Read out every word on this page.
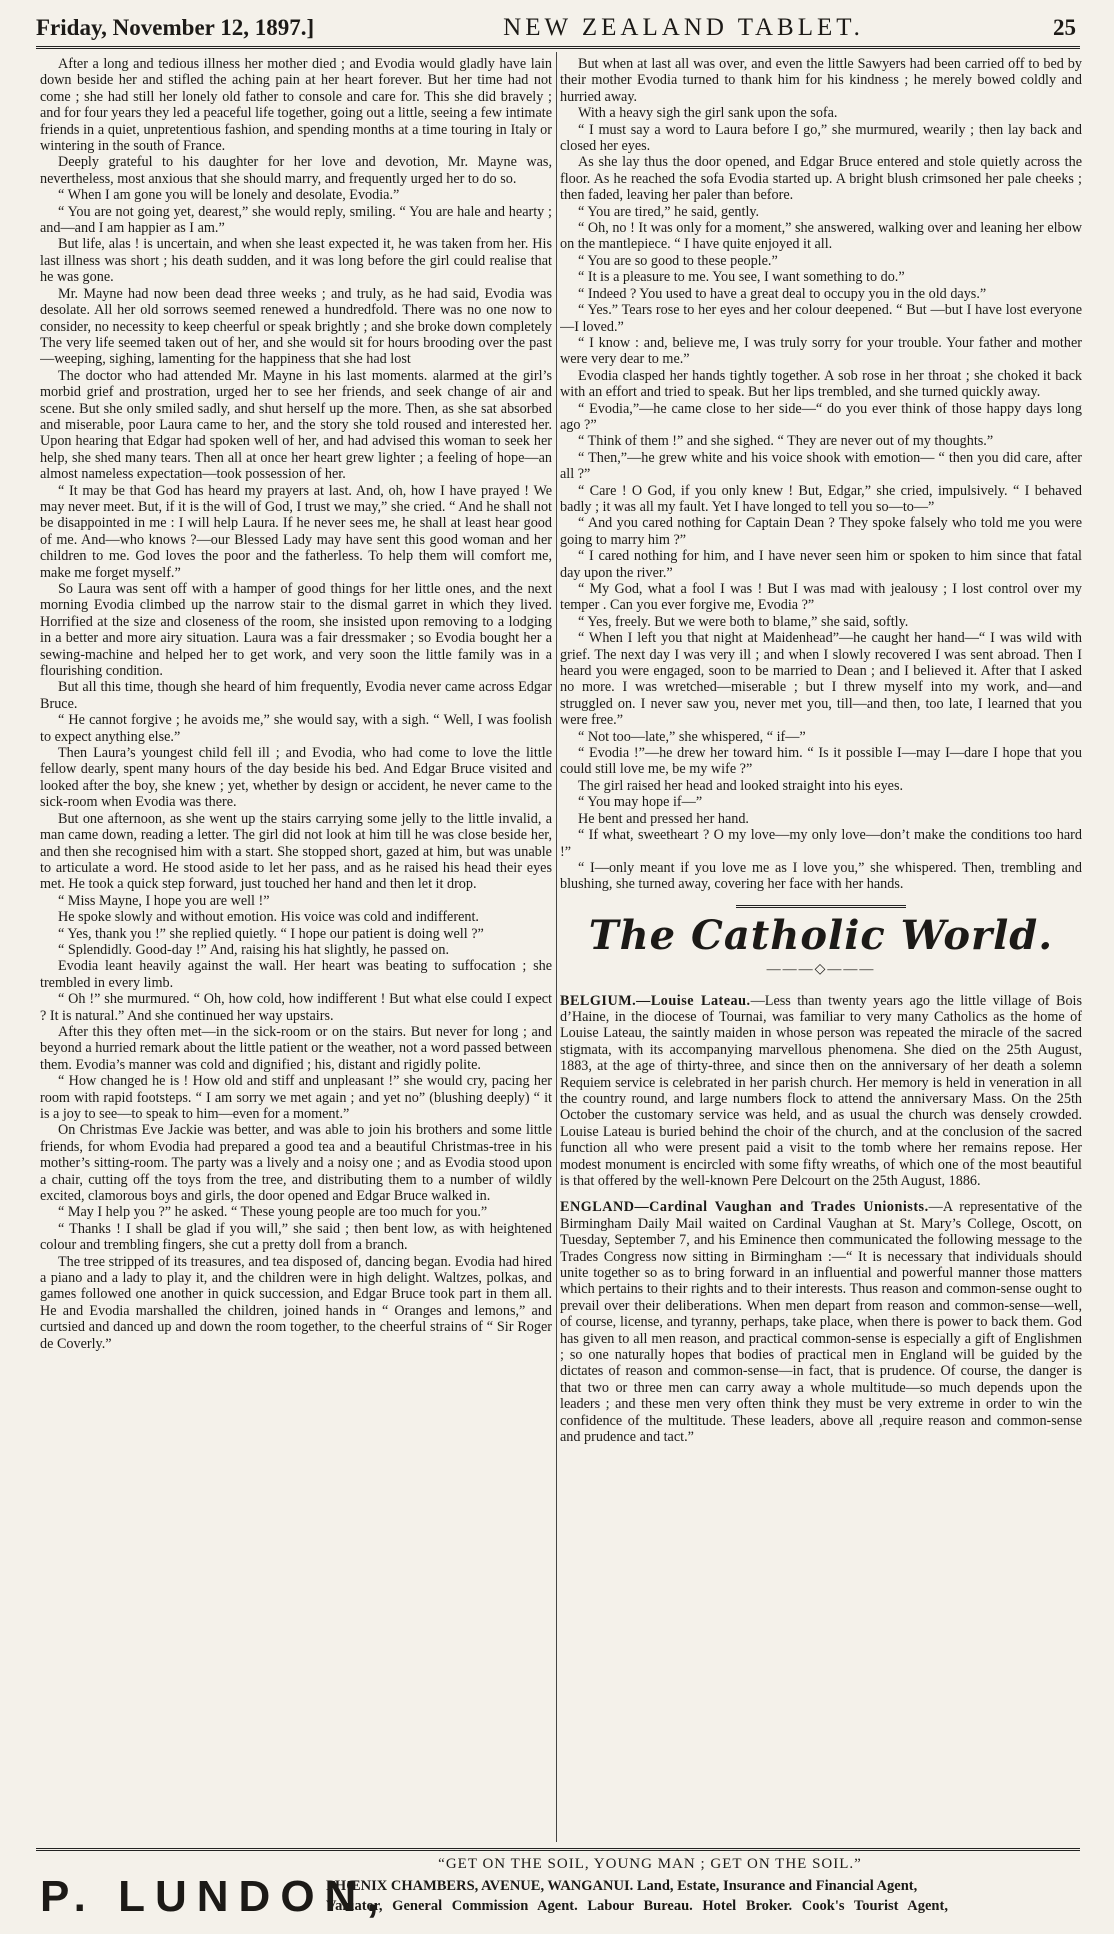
Friday, November 12, 1897.]	NEW ZEALAND TABLET.	25

After a long and tedious illness her mother died ; and Evodia would gladly have lain down beside her and stifled the aching pain at her heart forever. But her time had not come ; she had still her lonely old father to console and care for. This she did bravely ; and for four years they led a peaceful life together, going out a little, seeing a few intimate friends in a quiet, unpretentious fashion, and spending months at a time touring in Italy or wintering in the south of France.

Deeply grateful to his daughter for her love and devotion, Mr. Mayne was, nevertheless, most anxious that she should marry, and frequently urged her to do so.

“ When I am gone you will be lonely and desolate, Evodia.”

“ You are not going yet, dearest,” she would reply, smiling. “ You are hale and hearty ; and—and I am happier as I am.”

But life, alas ! is uncertain, and when she least expected it, he was taken from her. His last illness was short ; his death sudden, and it was long before the girl could realise that he was gone.

Mr. Mayne had now been dead three weeks ; and truly, as he had said, Evodia was desolate. All her old sorrows seemed renewed a hundredfold. There was no one now to consider, no necessity to keep cheerful or speak brightly ; and she broke down completely The very life seemed taken out of her, and she would sit for hours brooding over the past—weeping, sighing, lamenting for the happiness that she had lost

The doctor who had attended Mr. Mayne in his last moments. alarmed at the girl’s morbid grief and prostration, urged her to see her friends, and seek change of air and scene. But she only smiled sadly, and shut herself up the more. Then, as she sat absorbed and miserable, poor Laura came to her, and the story she told roused and interested her. Upon hearing that Edgar had spoken well of her, and had advised this woman to seek her help, she shed many tears. Then all at once her heart grew lighter ; a feeling of hope—an almost nameless expectation—took possession of her.

“ It may be that God has heard my prayers at last. And, oh, how I have prayed ! We may never meet. But, if it is the will of God, I trust we may,” she cried. “ And he shall not be disappointed in me : I will help Laura. If he never sees me, he shall at least hear good of me. And—who knows ?—our Blessed Lady may have sent this good woman and her children to me. God loves the poor and the fatherless. To help them will comfort me, make me forget myself.”

So Laura was sent off with a hamper of good things for her little ones, and the next morning Evodia climbed up the narrow stair to the dismal garret in which they lived. Horrified at the size and closeness of the room, she insisted upon removing to a lodging in a better and more airy situation. Laura was a fair dressmaker ; so Evodia bought her a sewing-machine and helped her to get work, and very soon the little family was in a flourishing condition.

But all this time, though she heard of him frequently, Evodia never came across Edgar Bruce.

“ He cannot forgive ; he avoids me,” she would say, with a sigh. “ Well, I was foolish to expect anything else.”

Then Laura’s youngest child fell ill ; and Evodia, who had come to love the little fellow dearly, spent many hours of the day beside his bed. And Edgar Bruce visited and looked after the boy, she knew ; yet, whether by design or accident, he never came to the sick-room when Evodia was there.

But one afternoon, as she went up the stairs carrying some jelly to the little invalid, a man came down, reading a letter. The girl did not look at him till he was close beside her, and then she recognised him with a start. She stopped short, gazed at him, but was unable to articulate a word. He stood aside to let her pass, and as he raised his head their eyes met. He took a quick step forward, just touched her hand and then let it drop.

“ Miss Mayne, I hope you are well !”

He spoke slowly and without emotion. His voice was cold and indifferent.

“ Yes, thank you !” she replied quietly. “ I hope our patient is doing well ?”

“ Splendidly. Good-day !” And, raising his hat slightly, he passed on.

Evodia leant heavily against the wall. Her heart was beating to suffocation ; she trembled in every limb.

“ Oh !” she murmured. “ Oh, how cold, how indifferent ! But what else could I expect ? It is natural.” And she continued her way upstairs.

After this they often met—in the sick-room or on the stairs. But never for long ; and beyond a hurried remark about the little patient or the weather, not a word passed between them. Evodia’s manner was cold and dignified ; his, distant and rigidly polite.

“ How changed he is ! How old and stiff and unpleasant !” she would cry, pacing her room with rapid footsteps. “ I am sorry we met again ; and yet no” (blushing deeply) “ it is a joy to see—to speak to him—even for a moment.”

On Christmas Eve Jackie was better, and was able to join his brothers and some little friends, for whom Evodia had prepared a good tea and a beautiful Christmas-tree in his mother’s sitting-room. The party was a lively and a noisy one ; and as Evodia stood upon a chair, cutting off the toys from the tree, and distributing them to a number of wildly excited, clamorous boys and girls, the door opened and Edgar Bruce walked in.

“ May I help you ?” he asked. “ These young people are too much for you.”

“ Thanks ! I shall be glad if you will,” she said ; then bent low, as with heightened colour and trembling fingers, she cut a pretty doll from a branch.

The tree stripped of its treasures, and tea disposed of, dancing began. Evodia had hired a piano and a lady to play it, and the children were in high delight. Waltzes, polkas, and games followed one another in quick succession, and Edgar Bruce took part in them all. He and Evodia marshalled the children, joined hands in “ Oranges and lemons,” and curtsied and danced up and down the room together, to the cheerful strains of “ Sir Roger de Coverly.”

But when at last all was over, and even the little Sawyers had been carried off to bed by their mother Evodia turned to thank him for his kindness ; he merely bowed coldly and hurried away.

With a heavy sigh the girl sank upon the sofa.

“ I must say a word to Laura before I go,” she murmured, wearily ; then lay back and closed her eyes.

As she lay thus the door opened, and Edgar Bruce entered and stole quietly across the floor. As he reached the sofa Evodia started up. A bright blush crimsoned her pale cheeks ; then faded, leaving her paler than before.

“ You are tired,” he said, gently.

“ Oh, no ! It was only for a moment,” she answered, walking over and leaning her elbow on the mantlepiece. “ I have quite enjoyed it all.

“ You are so good to these people.”

“ It is a pleasure to me. You see, I want something to do.”

“ Indeed ? You used to have a great deal to occupy you in the old days.”

“ Yes.” Tears rose to her eyes and her colour deepened. “ But —but I have lost everyone—I loved.”

“ I know : and, believe me, I was truly sorry for your trouble. Your father and mother were very dear to me.”

Evodia clasped her hands tightly together. A sob rose in her throat ; she choked it back with an effort and tried to speak. But her lips trembled, and she turned quickly away.

“ Evodia,”—he came close to her side—“ do you ever think of those happy days long ago ?”

“ Think of them !” and she sighed. “ They are never out of my thoughts.”

“ Then,”—he grew white and his voice shook with emotion— “ then you did care, after all ?”

“ Care ! O God, if you only knew ! But, Edgar,” she cried, impulsively. “ I behaved badly ; it was all my fault. Yet I have longed to tell you so—to—”

“ And you cared nothing for Captain Dean ? They spoke falsely who told me you were going to marry him ?”

“ I cared nothing for him, and I have never seen him or spoken to him since that fatal day upon the river.”

“ My God, what a fool I was ! But I was mad with jealousy ; I lost control over my temper . Can you ever forgive me, Evodia ?”

“ Yes, freely. But we were both to blame,” she said, softly.

“ When I left you that night at Maidenhead”—he caught her hand—“ I was wild with grief. The next day I was very ill ; and when I slowly recovered I was sent abroad. Then I heard you were engaged, soon to be married to Dean ; and I believed it. After that I asked no more. I was wretched—miserable ; but I threw myself into my work, and—and struggled on. I never saw you, never met you, till—and then, too late, I learned that you were free.”

“ Not too—late,” she whispered, “ if—”

“ Evodia !”—he drew her toward him. “ Is it possible I—may I—dare I hope that you could still love me, be my wife ?”

The girl raised her head and looked straight into his eyes.

“ You may hope if—”

He bent and pressed her hand.

“ If what, sweetheart ? O my love—my only love—don’t make the conditions too hard !”

“ I—only meant if you love me as I love you,” she whispered. Then, trembling and blushing, she turned away, covering her face with her hands.

The Catholic World.
———◇———

BELGIUM.—Louise Lateau.—Less than twenty years ago the little village of Bois d’Haine, in the diocese of Tournai, was familiar to very many Catholics as the home of Louise Lateau, the saintly maiden in whose person was repeated the miracle of the sacred stigmata, with its accompanying marvellous phenomena. She died on the 25th August, 1883, at the age of thirty-three, and since then on the anniversary of her death a solemn Requiem service is celebrated in her parish church. Her memory is held in veneration in all the country round, and large numbers flock to attend the anniversary Mass. On the 25th October the customary service was held, and as usual the church was densely crowded. Louise Lateau is buried behind the choir of the church, and at the conclusion of the sacred function all who were present paid a visit to the tomb where her remains repose. Her modest monument is encircled with some fifty wreaths, of which one of the most beautiful is that offered by the well-known Pere Delcourt on the 25th August, 1886.

ENGLAND—Cardinal Vaughan and Trades Unionists.—A representative of the Birmingham Daily Mail waited on Cardinal Vaughan at St. Mary’s College, Oscott, on Tuesday, September 7, and his Eminence then communicated the following message to the Trades Congress now sitting in Birmingham :—“ It is necessary that individuals should unite together so as to bring forward in an influential and powerful manner those matters which pertains to their rights and to their interests. Thus reason and common-sense ought to prevail over their deliberations. When men depart from reason and common-sense—well, of course, license, and tyranny, perhaps, take place, when there is power to back them. God has given to all men reason, and practical common-sense is especially a gift of Englishmen ; so one naturally hopes that bodies of practical men in England will be guided by the dictates of reason and common-sense—in fact, that is prudence. Of course, the danger is that two or three men can carry away a whole multitude—so much depends upon the leaders ; and these men very often think they must be very extreme in order to win the confidence of the multitude. These leaders, above all ,require reason and common-sense and prudence and tact.”

“GET ON THE SOIL, YOUNG MAN ; GET ON THE SOIL.”
P. LUNDON,
PHŒNIX CHAMBERS, AVENUE, WANGANUI. Land, Estate, Insurance and Financial Agent,
Valuator, General Commission Agent. Labour Bureau. Hotel Broker. Cook's Tourist Agent,
